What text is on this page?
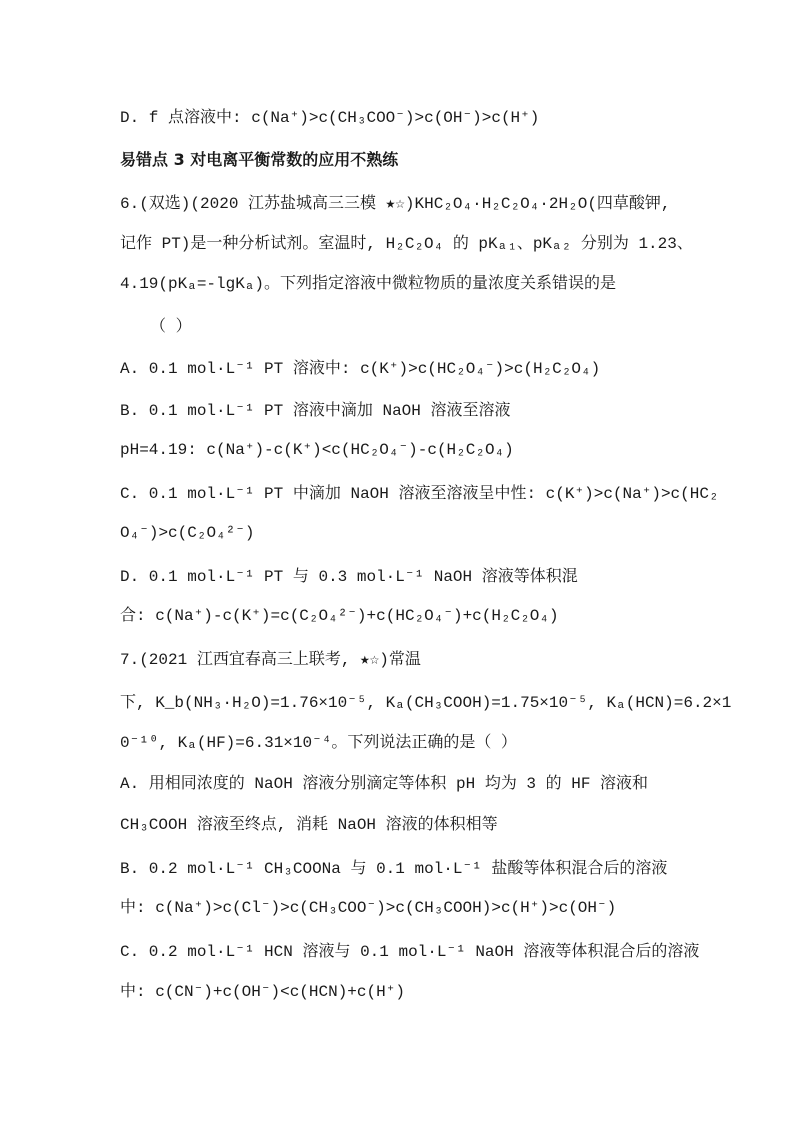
D. f 点溶液中: c(Na⁺)>c(CH₃COO⁻)>c(OH⁻)>c(H⁺)
易错点 3 对电离平衡常数的应用不熟练
6.(双选)(2020 江苏盐城高三三模 ★☆)KHC₂O₄·H₂C₂O₄·2H₂O(四草酸钾,
记作 PT)是一种分析试剂。室温时, H₂C₂O₄ 的 pKₐ₁、pKₐ₂ 分别为 1.23、
4.19(pKₐ=-lgKₐ)。下列指定溶液中微粒物质的量浓度关系错误的是
（ ）
A. 0.1 mol·L⁻¹ PT 溶液中: c(K⁺)>c(HC₂O₄⁻)>c(H₂C₂O₄)
B. 0.1 mol·L⁻¹ PT 溶液中滴加 NaOH 溶液至溶液
pH=4.19: c(Na⁺)-c(K⁺)<c(HC₂O₄⁻)-c(H₂C₂O₄)
C. 0.1 mol·L⁻¹ PT 中滴加 NaOH 溶液至溶液呈中性: c(K⁺)>c(Na⁺)>c(HC₂
O₄⁻)>c(C₂O₄²⁻)
D. 0.1 mol·L⁻¹ PT 与 0.3 mol·L⁻¹ NaOH 溶液等体积混
合: c(Na⁺)-c(K⁺)=c(C₂O₄²⁻)+c(HC₂O₄⁻)+c(H₂C₂O₄)
7.(2021 江西宜春高三上联考, ★☆)常温
下, K_b(NH₃·H₂O)=1.76×10⁻⁵, Kₐ(CH₃COOH)=1.75×10⁻⁵, Kₐ(HCN)=6.2×1
0⁻¹⁰, Kₐ(HF)=6.31×10⁻⁴。下列说法正确的是（ ）
A. 用相同浓度的 NaOH 溶液分别滴定等体积 pH 均为 3 的 HF 溶液和
CH₃COOH 溶液至终点, 消耗 NaOH 溶液的体积相等
B. 0.2 mol·L⁻¹ CH₃COONa 与 0.1 mol·L⁻¹ 盐酸等体积混合后的溶液
中: c(Na⁺)>c(Cl⁻)>c(CH₃COO⁻)>c(CH₃COOH)>c(H⁺)>c(OH⁻)
C. 0.2 mol·L⁻¹ HCN 溶液与 0.1 mol·L⁻¹ NaOH 溶液等体积混合后的溶液
中: c(CN⁻)+c(OH⁻)<c(HCN)+c(H⁺)
